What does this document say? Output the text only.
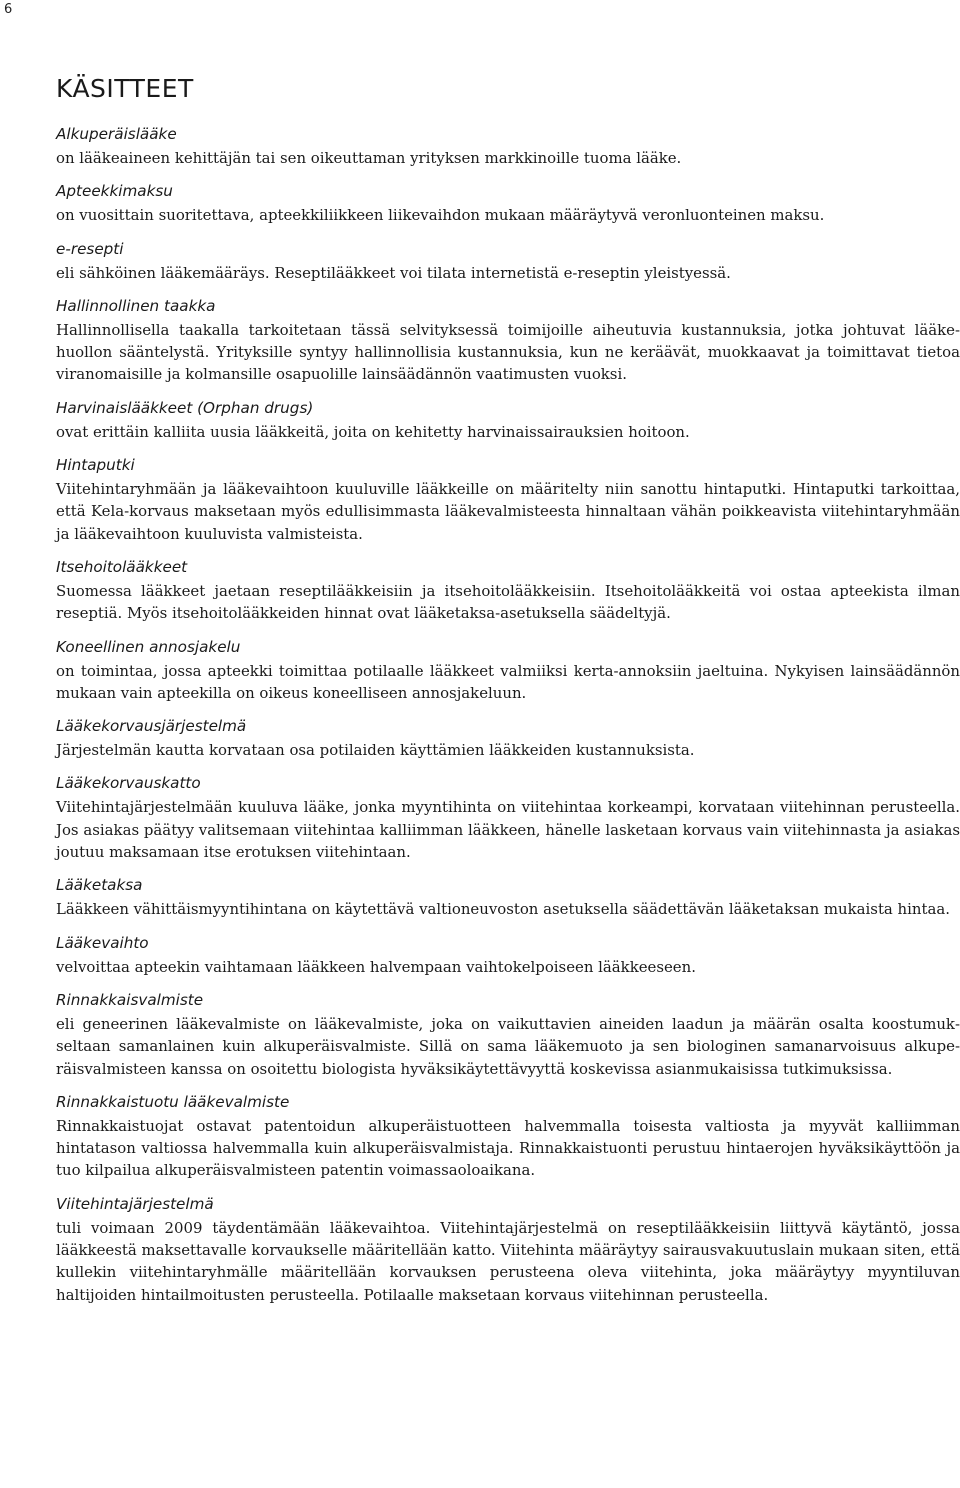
6
KÄSITTEET

Alkuperäislääke

on lääkeaineen kehittäjän tai sen oikeuttaman yrityksen markkinoille tuoma lääke.

Apteekkimaksu

on vuosittain suoritettava, apteekkiliikkeen liikevaihdon mukaan määräytyvä veronluonteinen maksu.

e-resepti

eli sähköinen lääkemääräys. Reseptilääkkeet voi tilata internetistä e-reseptin yleistyessä.

Hallinnollinen taakka

Hallinnollisella taakalla tarkoitetaan tässä selvityksessä toimijoille aiheutuvia kustannuksia, jotka johtuvat lääkehuollon sääntelystä. Yrityksille syntyy hallinnollisia kustannuksia, kun ne keräävät, muokkaavat ja toimittavat tietoa viranomaisille ja kolmansille osapuolille lainsäädännön vaatimusten vuoksi.

Harvinaislääkkeet (Orphan drugs)

ovat erittäin kalliita uusia lääkkeitä, joita on kehitetty harvinaissairauksien hoitoon.

Hintaputki

Viitehintaryhmään ja lääkevaihtoon kuuluville lääkkeille on määritelty niin sanottu hintaputki. Hintaputki tarkoittaa, että Kela-korvaus maksetaan myös edullisimmasta lääkevalmisteesta hinnaltaan vähän poikkeavista viitehintaryhmään ja lääkevaihtoon kuuluvista valmisteista.

Itsehoitolääkkeet

Suomessa lääkkeet jaetaan reseptilääkkeisiin ja itsehoitolääkkeisiin. Itsehoitolääkkeitä voi ostaa apteekista ilman reseptiä. Myös itsehoitolääkkeiden hinnat ovat lääketaksa-asetuksella säädeltyjä.

Koneellinen annosjakelu

on toimintaa, jossa apteekki toimittaa potilaalle lääkkeet valmiiksi kerta-annoksiin jaeltuina. Nykyisen lainsäädännön mukaan vain apteekilla on oikeus koneelliseen annosjakeluun.

Lääkekorvausjärjestelmä

Järjestelmän kautta korvataan osa potilaiden käyttämien lääkkeiden kustannuksista.

Lääkekorvauskatto

Viitehintajärjestelmään kuuluva lääke, jonka myyntihinta on viitehintaa korkeampi, korvataan viitehinnan perusteella. Jos asiakas päätyy valitsemaan viitehintaa kalliimman lääkkeen, hänelle lasketaan korvaus vain viitehinnasta ja asiakas joutuu maksamaan itse erotuksen viitehintaan.

Lääketaksa

Lääkkeen vähittäismyyntihintana on käytettävä valtioneuvoston asetuksella säädettävän lääketaksan mukaista hintaa.

Lääkevaihto

velvoittaa apteekin vaihtamaan lääkkeen halvempaan vaihtokelpoiseen lääkkeeseen.

Rinnakkaisvalmiste

eli geneerinen lääkevalmiste on lääkevalmiste, joka on vaikuttavien aineiden laadun ja määrän osalta koostumukseltaan samanlainen kuin alkuperäisvalmiste. Sillä on sama lääkemuoto ja sen biologinen samanarvoisuus alkuperäisvalmisteen kanssa on osoitettu biologista hyväksikäytettävyyttä koskevissa asianmukaisissa tutkimuksissa.

Rinnakkaistuotu lääkevalmiste

Rinnakkaistuojat ostavat patentoidun alkuperäistuotteen halvemmalla toisesta valtiosta ja myyvät kalliimman hintatason valtiossa halvemmalla kuin alkuperäisvalmistaja. Rinnakkaistuonti perustuu hintaerojen hyväksikäyttöön ja tuo kilpailua alkuperäisvalmisteen patentin voimassaoloaikana.

Viitehintajärjestelmä

tuli voimaan 2009 täydentämään lääkevaihtoa. Viitehintajärjestelmä on reseptilääkkeisiin liittyvä käytäntö, jossa lääkkeestä maksettavalle korvaukselle määritellään katto. Viitehinta määräytyy sairausvakuutuslain mukaan siten, että kullekin viitehintaryhmälle määritellään korvauksen perusteena oleva viitehinta, joka määräytyy myyntiluvan haltijoiden hintailmoitusten perusteella. Potilaalle maksetaan korvaus viitehinnan perusteella.
